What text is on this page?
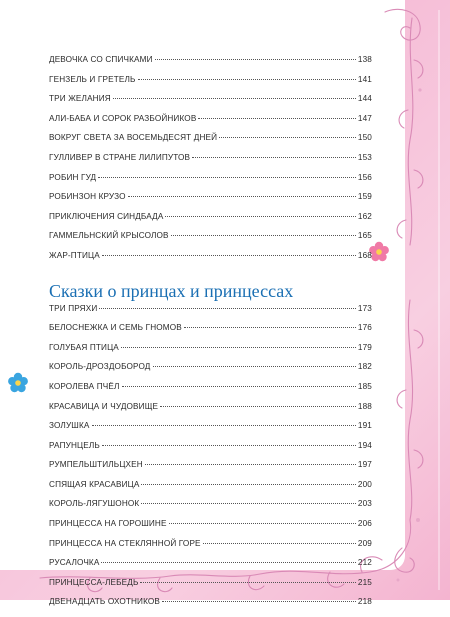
ДЕВОЧКА СО СПИЧКАМИ	138
ГЕНЗЕЛЬ И ГРЕТЕЛЬ	141
ТРИ ЖЕЛАНИЯ	144
АЛИ-БАБА И СОРОК РАЗБОЙНИКОВ	147
ВОКРУГ СВЕТА ЗА ВОСЕМЬДЕСЯТ ДНЕЙ	150
ГУЛЛИВЕР В СТРАНЕ ЛИЛИПУТОВ	153
РОБИН ГУД	156
РОБИНЗОН КРУЗО	159
ПРИКЛЮЧЕНИЯ СИНДБАДА	162
ГАММЕЛЬНСКИЙ КРЫСОЛОВ	165
ЖАР-ПТИЦА	168
Сказки о принцах и принцессах
ТРИ ПРЯХИ	173
БЕЛОСНЕЖКА И СЕМЬ ГНОМОВ	176
ГОЛУБАЯ ПТИЦА	179
КОРОЛЬ-ДРОЗДОБОРОД	182
КОРОЛЕВА ПЧЁЛ	185
КРАСАВИЦА И ЧУДОВИЩЕ	188
ЗОЛУШКА	191
РАПУНЦЕЛЬ	194
РУМПЕЛЬШТИЛЬЦХЕН	197
СПЯЩАЯ КРАСАВИЦА	200
КОРОЛЬ-ЛЯГУШОНОК	203
ПРИНЦЕССА НА ГОРОШИНЕ	206
ПРИНЦЕССА НА СТЕКЛЯННОЙ ГОРЕ	209
РУСАЛОЧКА	212
ПРИНЦЕССА-ЛЕБЕДЬ	215
ДВЕНАДЦАТЬ ОХОТНИКОВ	218
